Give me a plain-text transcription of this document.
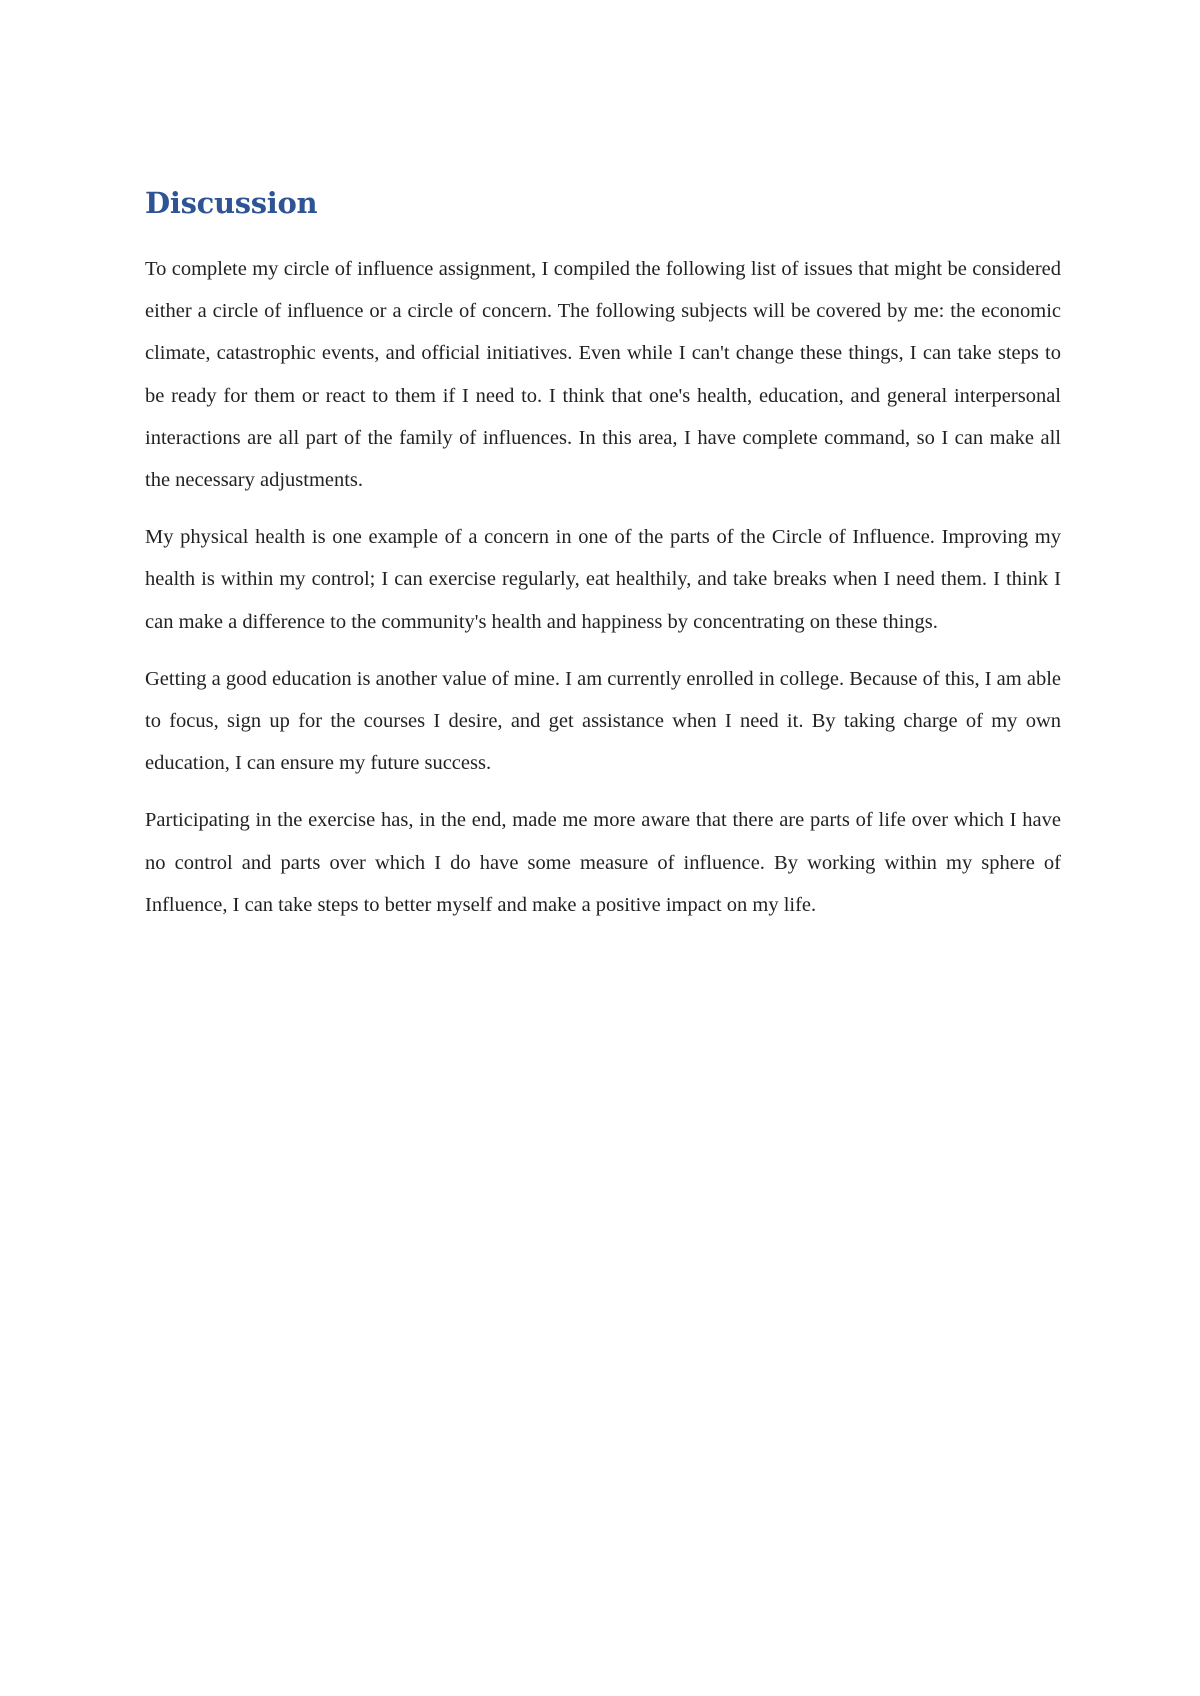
Discussion

To complete my circle of influence assignment, I compiled the following list of issues that might be considered either a circle of influence or a circle of concern. The following subjects will be covered by me: the economic climate, catastrophic events, and official initiatives. Even while I can't change these things, I can take steps to be ready for them or react to them if I need to. I think that one's health, education, and general interpersonal interactions are all part of the family of influences. In this area, I have complete command, so I can make all the necessary adjustments.

My physical health is one example of a concern in one of the parts of the Circle of Influence. Improving my health is within my control; I can exercise regularly, eat healthily, and take breaks when I need them. I think I can make a difference to the community's health and happiness by concentrating on these things.

Getting a good education is another value of mine. I am currently enrolled in college. Because of this, I am able to focus, sign up for the courses I desire, and get assistance when I need it. By taking charge of my own education, I can ensure my future success.

Participating in the exercise has, in the end, made me more aware that there are parts of life over which I have no control and parts over which I do have some measure of influence. By working within my sphere of Influence, I can take steps to better myself and make a positive impact on my life.
